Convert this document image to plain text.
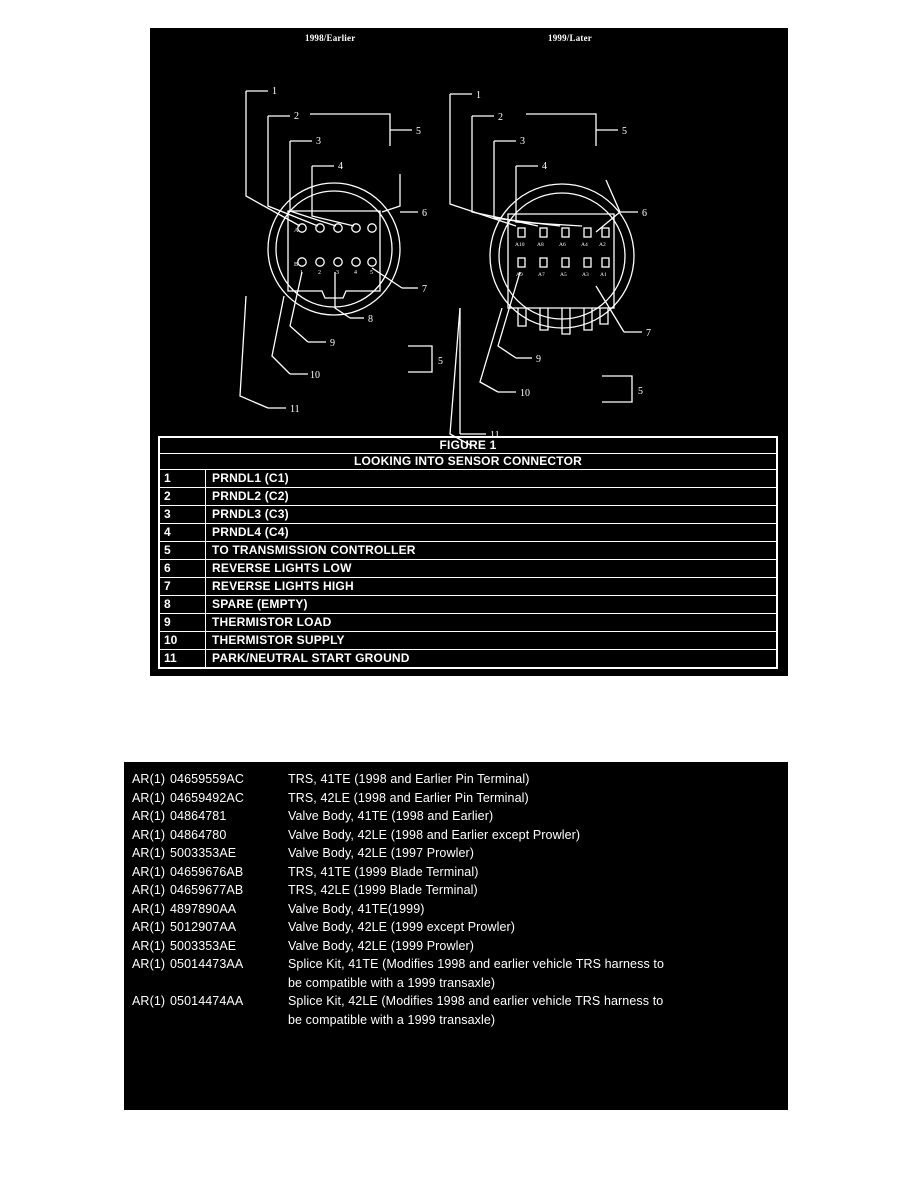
1998/Earlier	1999/Later
1
2
3
4
5
6
7
8
9
10
11
5
1
2
3
4
5
6
7
9
10
11
5
A
B
1	2	3	4 5
A10 A8	A6	A4 A2
A9	A7	A5	A3 A1
FIGURE 1
LOOKING INTO SENSOR CONNECTOR
1	PRNDL1 (C1)
2	PRNDL2 (C2)
3	PRNDL3 (C3)
4	PRNDL4 (C4)
5	TO TRANSMISSION CONTROLLER
6	REVERSE LIGHTS LOW
7	REVERSE LIGHTS HIGH
8	SPARE (EMPTY)
9	THERMISTOR LOAD
10	THERMISTOR SUPPLY
11	PARK/NEUTRAL START GROUND
AR(1) 04659559AC	TRS, 41TE (1998 and Earlier Pin Terminal)
AR(1) 04659492AC	TRS, 42LE (1998 and Earlier Pin Terminal)
AR(1) 04864781	Valve Body, 41TE (1998 and Earlier)
AR(1) 04864780	Valve Body, 42LE (1998 and Earlier except Prowler)
AR(1) 5003353AE	Valve Body, 42LE (1997 Prowler)
AR(1) 04659676AB	TRS, 41TE (1999 Blade Terminal)
AR(1) 04659677AB	TRS, 42LE (1999 Blade Terminal)
AR(1) 4897890AA	Valve Body, 41TE(1999)
AR(1) 5012907AA	Valve Body, 42LE (1999 except Prowler)
AR(1) 5003353AE	Valve Body, 42LE (1999 Prowler)
AR(1) 05014473AA	Splice Kit, 41TE (Modifies 1998 and earlier vehicle TRS harness to
be compatible with a 1999 transaxle)
AR(1) 05014474AA	Splice Kit, 42LE (Modifies 1998 and earlier vehicle TRS harness to
be compatible with a 1999 transaxle)
